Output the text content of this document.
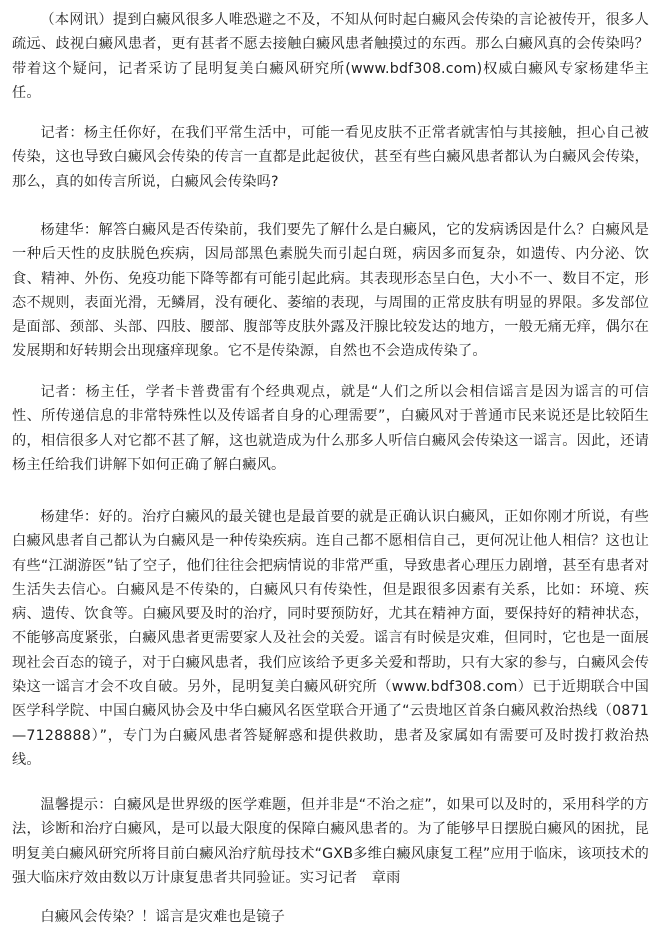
（本网讯）提到白癜风很多人唯恐避之不及，不知从何时起白癜风会传染的言论被传开，很多人疏远、歧视白癜风患者，更有甚者不愿去接触白癜风患者触摸过的东西。那么白癜风真的会传染吗？带着这个疑问，记者采访了昆明复美白癜风研究所(www.bdf308.com)权威白癜风专家杨建华主任。

记者：杨主任你好，在我们平常生活中，可能一看见皮肤不正常者就害怕与其接触，担心自己被传染，这也导致白癜风会传染的传言一直都是此起彼伏，甚至有些白癜风患者都认为白癜风会传染，那么，真的如传言所说，白癜风会传染吗?

杨建华：解答白癜风是否传染前，我们要先了解什么是白癜风，它的发病诱因是什么？白癜风是一种后天性的皮肤脱色疾病，因局部黑色素脱失而引起白斑，病因多而复杂，如遗传、内分泌、饮食、精神、外伤、免疫功能下降等都有可能引起此病。其表现形态呈白色，大小不一、数目不定，形态不规则，表面光滑，无鳞屑，没有硬化、萎缩的表现，与周围的正常皮肤有明显的界限。多发部位是面部、颈部、头部、四肢、腰部、腹部等皮肤外露及汗腺比较发达的地方，一般无痛无痒，偶尔在发展期和好转期会出现瘙痒现象。它不是传染源，自然也不会造成传染了。

记者：杨主任，学者卡普费雷有个经典观点，就是“人们之所以会相信谣言是因为谣言的可信性、所传递信息的非常特殊性以及传谣者自身的心理需要”，白癜风对于普通市民来说还是比较陌生的，相信很多人对它都不甚了解，这也就造成为什么那多人听信白癜风会传染这一谣言。因此，还请杨主任给我们讲解下如何正确了解白癜风。

杨建华：好的。治疗白癜风的最关键也是最首要的就是正确认识白癜风，正如你刚才所说，有些白癜风患者自己都认为白癜风是一种传染疾病。连自己都不愿相信自己，更何况让他人相信？这也让有些“江湖游医”钻了空子，他们往往会把病情说的非常严重，导致患者心理压力剧增，甚至有患者对生活失去信心。白癜风是不传染的，白癜风只有传染性，但是跟很多因素有关系，比如：环境、疾病、遗传、饮食等。白癜风要及时的治疗，同时要预防好，尤其在精神方面，要保持好的精神状态，不能够高度紧张，白癜风患者更需要家人及社会的关爱。谣言有时候是灾难，但同时，它也是一面展现社会百态的镜子，对于白癜风患者，我们应该给予更多关爱和帮助，只有大家的参与，白癜风会传染这一谣言才会不攻自破。另外，昆明复美白癜风研究所（www.bdf308.com）已于近期联合中国医学科学院、中国白癜风协会及中华白癜风名医堂联合开通了“云贵地区首条白癜风救治热线（0871—7128888）”，专门为白癜风患者答疑解惑和提供救助，患者及家属如有需要可及时拨打救治热线。

温馨提示：白癜风是世界级的医学难题，但并非是“不治之症”，如果可以及时的，采用科学的方法，诊断和治疗白癜风，是可以最大限度的保障白癜风患者的。为了能够早日摆脱白癜风的困扰，昆明复美白癜风研究所将目前白癜风治疗航母技术“GXB多维白癜风康复工程”应用于临床，该项技术的强大临床疗效由数以万计康复患者共同验证。实习记者　章雨

白癜风会传染？！谣言是灾难也是镜子
